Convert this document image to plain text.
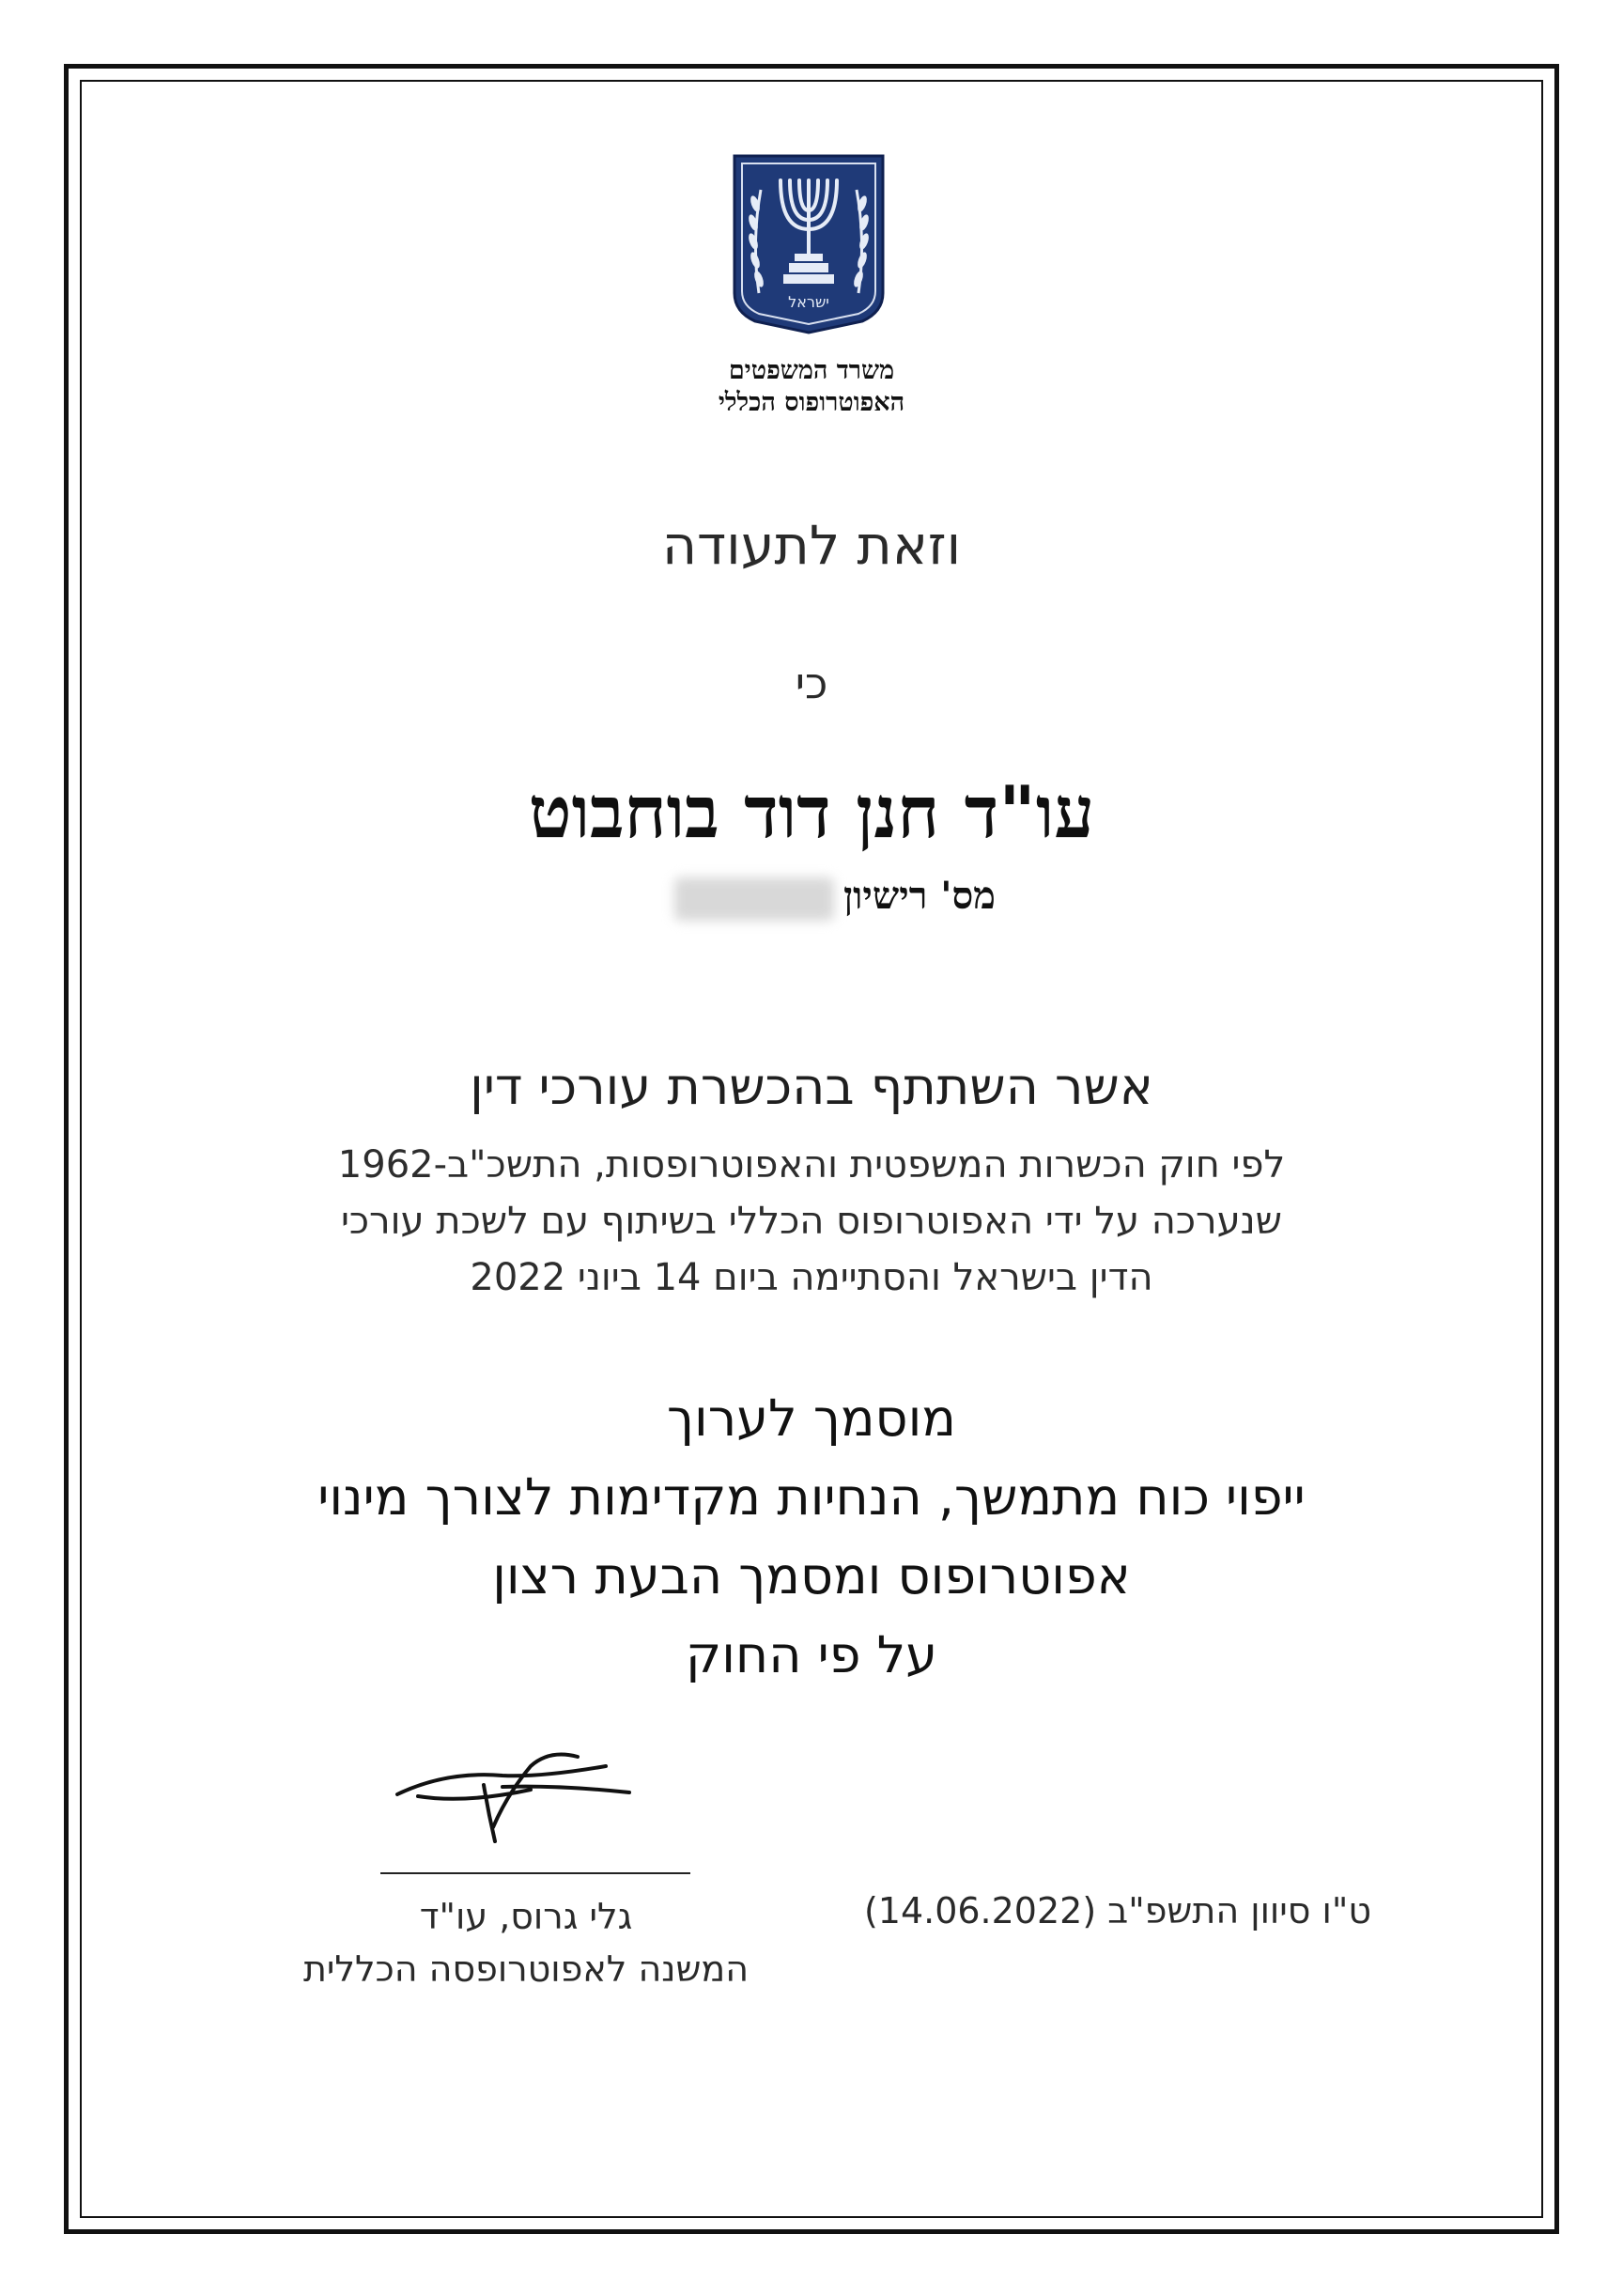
ישראל
משרד המשפטים
האפוטרופוס הכללי
וזאת לתעודה
כי
עו"ד חנן דוד בוחבוט
מס' רישיון
אשר השתתף בהכשרת עורכי דין
לפי חוק הכשרות המשפטית והאפוטרופסות, התשכ"ב-1962
שנערכה על ידי האפוטרופוס הכללי בשיתוף עם לשכת עורכי
הדין בישראל והסתיימה ביום 14 ביוני 2022
מוסמך לערוך
ייפוי כוח מתמשך, הנחיות מקדימות לצורך מינוי
אפוטרופוס ומסמך הבעת רצון
על פי החוק
גלי גרוס, עו"ד
המשנה לאפוטרופסה הכללית
ט"ו סיוון התשפ"ב (14.06.2022)
